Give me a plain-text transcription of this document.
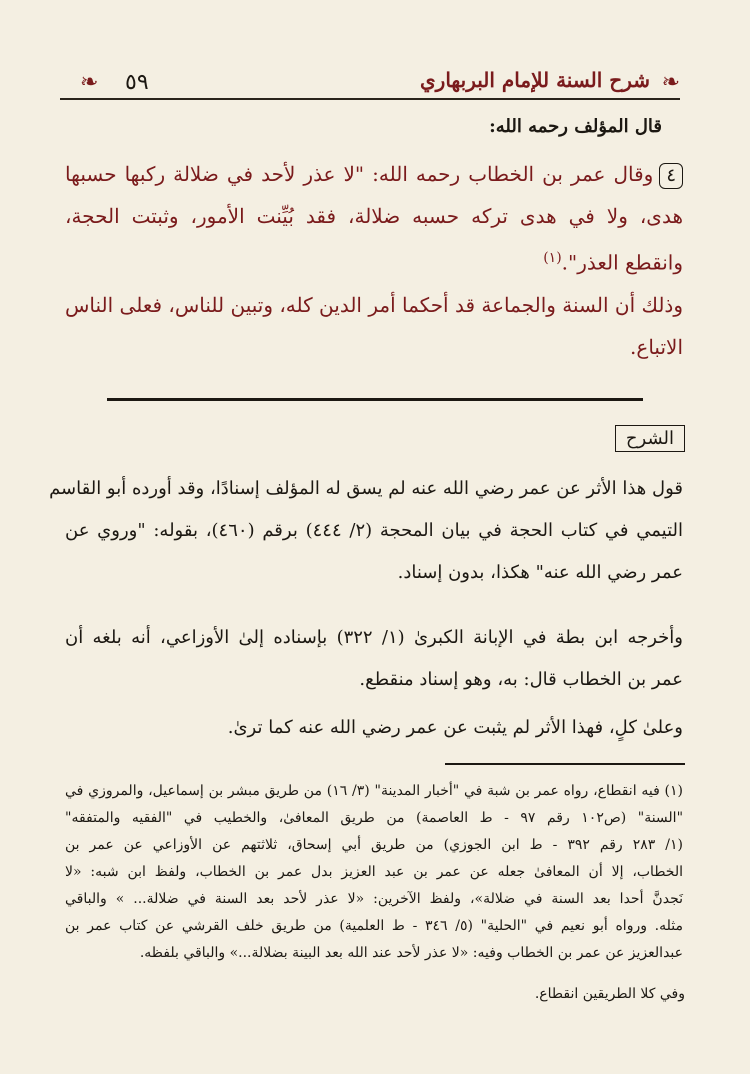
❧ ٥٩	شرح السنة للإمام البربهاري ❧
قال المؤلف رحمه الله:
٤وقال عمر بن الخطاب رحمه الله: "لا عذر لأحد في ضلالة ركبها حسبها
هدى، ولا في هدى تركه حسبه ضلالة، فقد بُيِّنت الأمور، وثبتت الحجة،
وانقطع العذر".$^{(١)}$
وذلك أن السنة والجماعة قد أحكما أمر الدين كله، وتبين للناس، فعلى الناس
الاتباع.
الشرح
قول هذا الأثر عن عمر رضي الله عنه لم يسق له المؤلف إسنادًا، وقد أورده أبو القاسم
التيمي في كتاب الحجة في بيان المحجة (٢/ ٤٤٤) برقم (٤٦٠)، بقوله: "وروي عن
عمر رضي الله عنه" هكذا، بدون إسناد.
وأخرجه ابن بطة في الإبانة الكبرىٰ (١/ ٣٢٢) بإسناده إلىٰ الأوزاعي، أنه بلغه أن
عمر بن الخطاب قال: به، وهو إسناد منقطع.
وعلىٰ كلٍ، فهذا الأثر لم يثبت عن عمر رضي الله عنه كما ترىٰ.
(١) فيه انقطاع، رواه عمر بن شبة في "أخبار المدينة" (٣/ ١٦) من طريق مبشر بن إسماعيل، والمروزي في
"السنة" (ص١٠٢ رقم ٩٧ - ط العاصمة) من طريق المعافىٰ، والخطيب في "الفقيه والمتفقه"
(١/ ٢٨٣ رقم ٣٩٢ - ط ابن الجوزي) من طريق أبي إسحاق، ثلاثتهم عن الأوزاعي عن عمر بن
الخطاب، إلا أن المعافىٰ جعله عن عمر بن عبد العزيز بدل عمر بن الخطاب، ولفظ ابن شبه: «لا
نَجدنَّ أحدا بعد السنة في ضلالة»، ولفظ الآخرين: «لا عذر لأحد بعد السنة في ضلالة... » والباقي
مثله. ورواه أبو نعيم في "الحلية" (٥/ ٣٤٦ - ط العلمية) من طريق خلف القرشي عن كتاب عمر بن
عبدالعزيز عن عمر بن الخطاب وفيه: «لا عذر لأحد عند الله بعد البينة بضلالة...» والباقي بلفظه.
وفي كلا الطريقين انقطاع.
